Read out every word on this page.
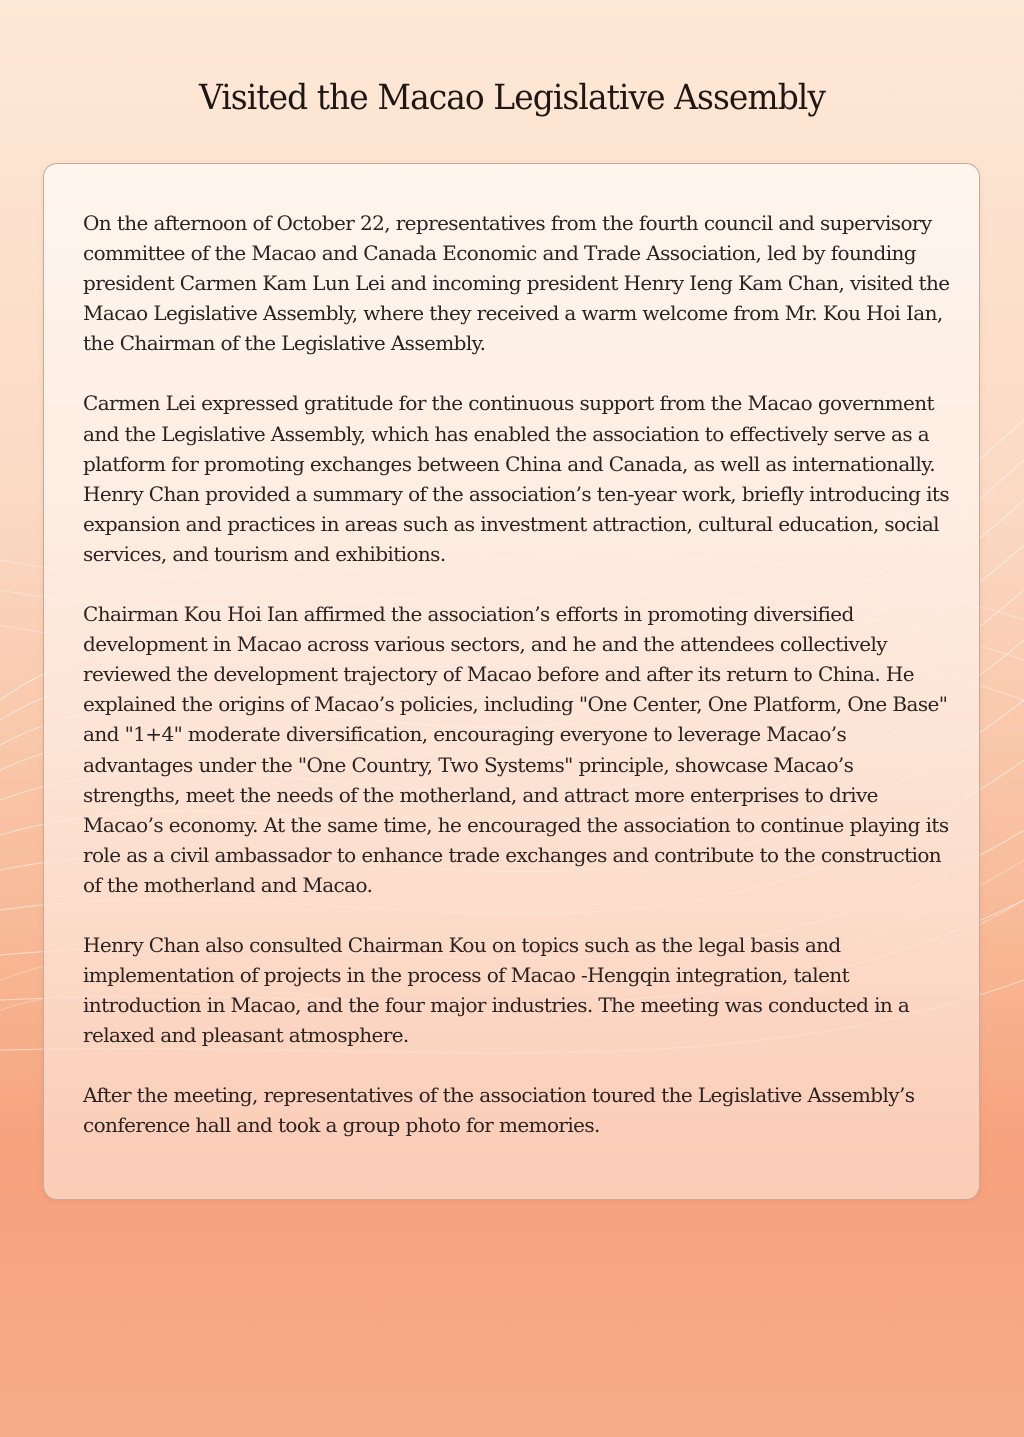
Visited the Macao Legislative Assembly

On the afternoon of October 22, representatives from the fourth council and supervisory committee of the Macao and Canada Economic and Trade Association, led by founding president Carmen Kam Lun Lei and incoming president Henry Ieng Kam Chan, visited the Macao Legislative Assembly, where they received a warm welcome from Mr. Kou Hoi Ian, the Chairman of the Legislative Assembly.

Carmen Lei expressed gratitude for the continuous support from the Macao government and the Legislative Assembly, which has enabled the association to effectively serve as a platform for promoting exchanges between China and Canada, as well as internationally. Henry Chan provided a summary of the association’s ten-year work, briefly introducing its expansion and practices in areas such as investment attraction, cultural education, social services, and tourism and exhibitions.

Chairman Kou Hoi Ian affirmed the association’s efforts in promoting diversified development in Macao across various sectors, and he and the attendees collectively reviewed the development trajectory of Macao before and after its return to China. He explained the origins of Macao’s policies, including "One Center, One Platform, One Base" and "1+4" moderate diversification, encouraging everyone to leverage Macao’s advantages under the "One Country, Two Systems" principle, showcase Macao’s strengths, meet the needs of the motherland, and attract more enterprises to drive Macao’s economy. At the same time, he encouraged the association to continue playing its role as a civil ambassador to enhance trade exchanges and contribute to the construction of the motherland and Macao.

Henry Chan also consulted Chairman Kou on topics such as the legal basis and implementation of projects in the process of Macao -Hengqin integration, talent introduction in Macao, and the four major industries. The meeting was conducted in a relaxed and pleasant atmosphere.

After the meeting, representatives of the association toured the Legislative Assembly’s conference hall and took a group photo for memories.
